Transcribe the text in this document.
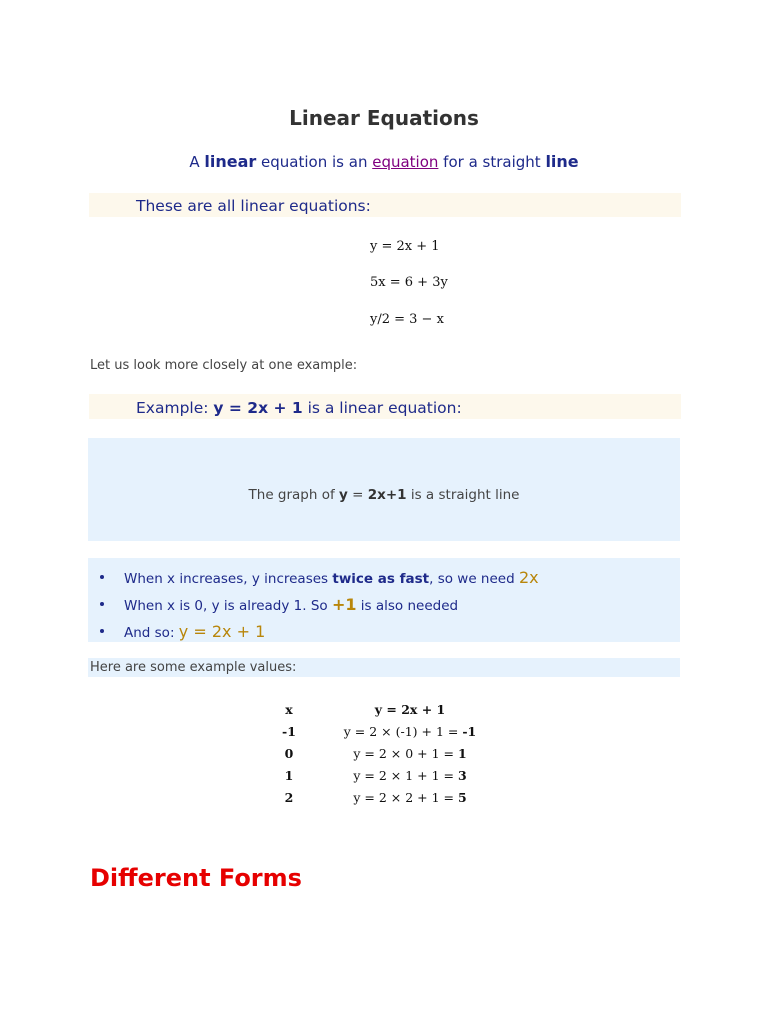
Linear Equations
A linear equation is an equation for a straight line
These are all linear equations:
y = 2x + 1
5x = 6 + 3y
y/2 = 3 − x
Let us look more closely at one example:
Example: y = 2x + 1 is a linear equation:
The graph of y = 2x+1 is a straight line
When x increases, y increases twice as fast, so we need 2x
When x is 0, y is already 1. So +1 is also needed
And so: y = 2x + 1
Here are some example values:
x	y = 2x + 1
-1	y = 2 × (-1) + 1 = -1
0	y = 2 × 0 + 1 = 1
1	y = 2 × 1 + 1 = 3
2	y = 2 × 2 + 1 = 5
Different Forms
